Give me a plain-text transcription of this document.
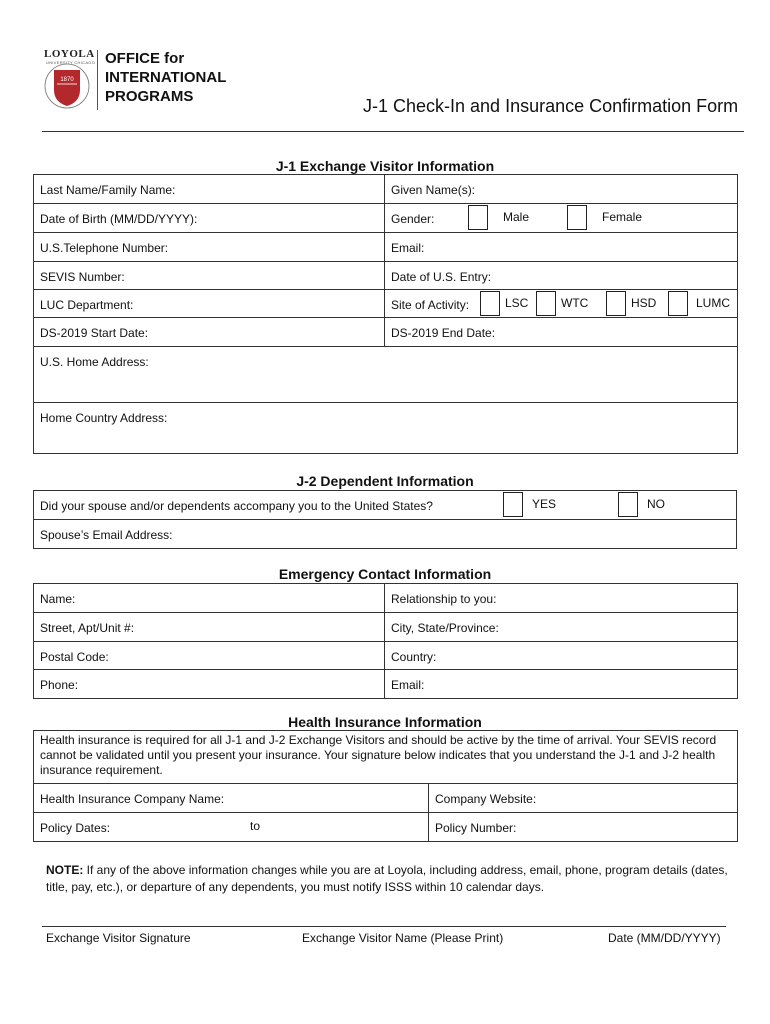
LOYOLA
UNIVERSITY CHICAGO
1870
OFFICE for
INTERNATIONAL
PROGRAMS	J-1 Check-In and Insurance Confirmation Form
J-1 Exchange Visitor Information
Last Name/Family Name:	Given Name(s):
Date of Birth (MM/DD/YYYY):	Gender:
U.S.Telephone Number:	Email:
SEVIS Number:	Date of U.S. Entry:
LUC Department:	Site of Activity:
DS-2019 Start Date:	DS-2019 End Date:
U.S. Home Address:	
Home Country Address:	
Male	Female
LSC	WTC	HSD	LUMC
J-2 Dependent Information
Did your spouse and/or dependents accompany you to the United States?
Spouse’s Email Address:
YES	NO
Emergency Contact Information
Name:	Relationship to you:
Street, Apt/Unit #:	City, State/Province:
Postal Code:	Country:
Phone:	Email:
Health Insurance Information
Health insurance is required for all J-1 and J-2 Exchange Visitors and should be active by the time of arrival. Your SEVIS record cannot be validated until you present your insurance. Your signature below indicates that you understand the J-1 and J-2 health insurance requirement.	
Health Insurance Company Name:	Company Website:
Policy Dates:	Policy Number:
to
NOTE: If any of the above information changes while you are at Loyola, including address, email, phone, program details (dates, title, pay, etc.), or departure of any dependents, you must notify ISSS within 10 calendar days.
Exchange Visitor Signature	Exchange Visitor Name (Please Print)	Date (MM/DD/YYYY)
